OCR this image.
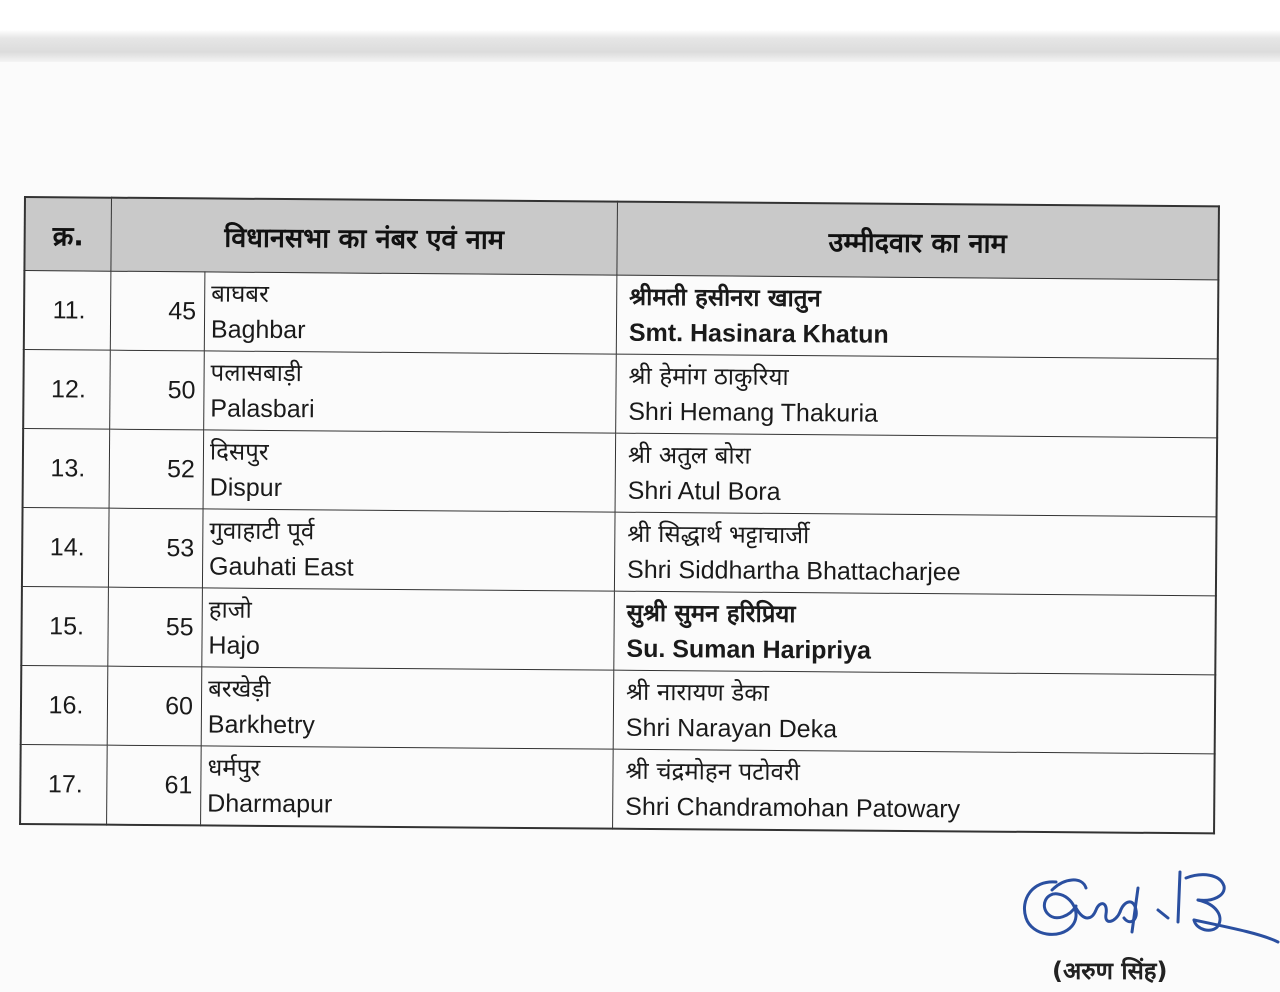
क्र.	विधानसभा का नंबर एवं नाम		उम्मीदवार का नाम
11.	45	बाघबर
Baghbar	श्रीमती हसीनरा खातुन
Smt. Hasinara Khatun

12.	50	पलासबाड़ी
Palasbari	श्री हेमांग ठाकुरिया
Shri Hemang Thakuria

13.	52	दिसपुर
Dispur	श्री अतुल बोरा
Shri Atul Bora

14.	53	गुवाहाटी पूर्व
Gauhati East	श्री सिद्धार्थ भट्टाचार्जी
Shri Siddhartha Bhattacharjee

15.	55	हाजो
Hajo	सुश्री सुमन हरिप्रिया
Su. Suman Haripriya

16.	60	बरखेड़ी
Barkhetry	श्री नारायण डेका
Shri Narayan Deka

17.	61	धर्मपुर
Dharmapur	श्री चंद्रमोहन पटोवरी
Shri Chandramohan Patowary
(अरुण सिंह)
